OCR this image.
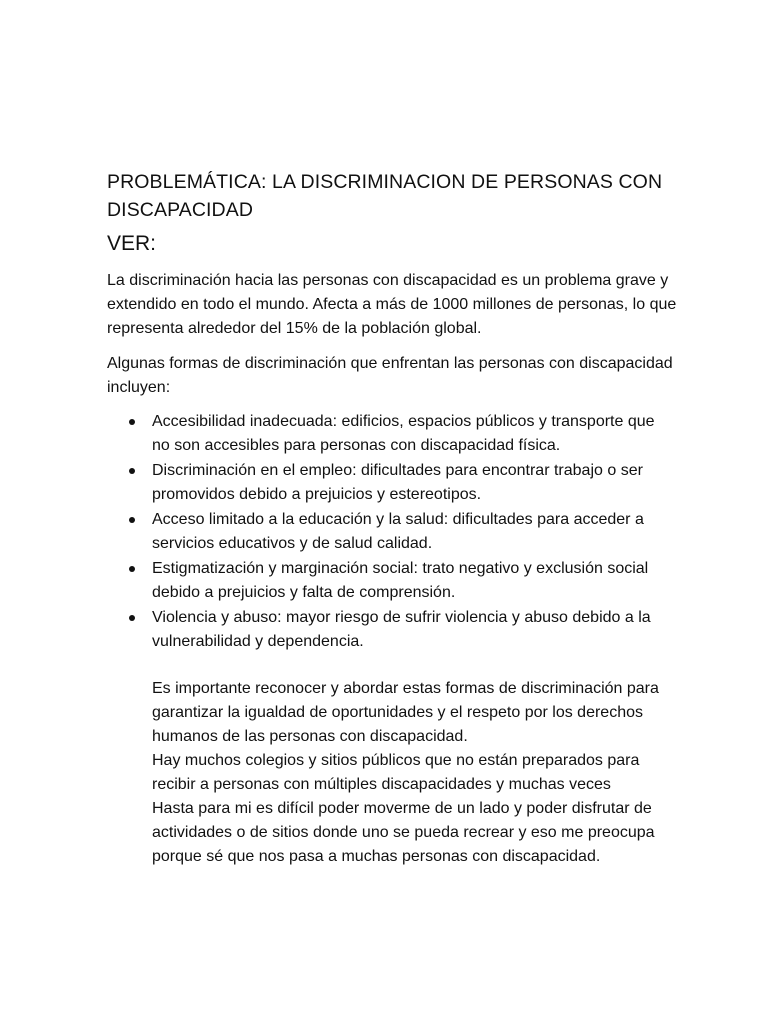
PROBLEMÁTICA: LA DISCRIMINACION DE PERSONAS CON DISCAPACIDAD
VER:

La discriminación hacia las personas con discapacidad es un problema grave y extendido en todo el mundo. Afecta a más de 1000 millones de personas, lo que representa alrededor del 15% de la población global.

Algunas formas de discriminación que enfrentan las personas con discapacidad incluyen:

Accesibilidad inadecuada: edificios, espacios públicos y transporte que no son accesibles para personas con discapacidad física.
Discriminación en el empleo: dificultades para encontrar trabajo o ser promovidos debido a prejuicios y estereotipos.
Acceso limitado a la educación y la salud: dificultades para acceder a servicios educativos y de salud calidad.
Estigmatización y marginación social: trato negativo y exclusión social debido a prejuicios y falta de comprensión.
Violencia y abuso: mayor riesgo de sufrir violencia y abuso debido a la vulnerabilidad y dependencia.
Es importante reconocer y abordar estas formas de discriminación para garantizar la igualdad de oportunidades y el respeto por los derechos humanos de las personas con discapacidad.
Hay muchos colegios y sitios públicos que no están preparados para recibir a personas con múltiples discapacidades y muchas veces
Hasta para mi es difícil poder moverme de un lado y poder disfrutar de actividades o de sitios donde uno se pueda recrear y eso me preocupa porque sé que nos pasa a muchas personas con discapacidad.
